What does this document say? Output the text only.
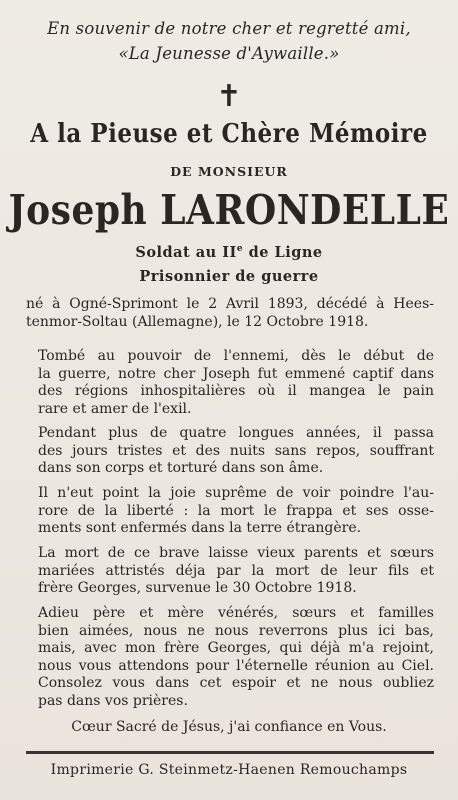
En souvenir de notre cher et regretté ami,
«La Jeunesse d'Aywaille.»
✝
A la Pieuse et Chère Mémoire
DE MONSIEUR
Joseph LARONDELLE
Soldat au IIe de Ligne
Prisonnier de guerre
né à Ogné-Sprimont le 2 Avril 1893, décédé à Hees-
tenmor-Soltau (Allemagne), le 12 Octobre 1918.
Tombé au pouvoir de l'ennemi, dès le début de
la guerre, notre cher Joseph fut emmené captif dans
des régions inhospitalières où il mangea le pain
rare et amer de l'exil.
Pendant plus de quatre longues années, il passa
des jours tristes et des nuits sans repos, souffrant
dans son corps et torturé dans son âme.
Il n'eut point la joie suprême de voir poindre l'au-
rore de la liberté : la mort le frappa et ses osse-
ments sont enfermés dans la terre étrangère.
La mort de ce brave laisse vieux parents et sœurs
mariées attristés déja par la mort de leur fils et
frère Georges, survenue le 30 Octobre 1918.
Adieu père et mère vénérés, sœurs et familles
bien aimées, nous ne nous reverrons plus ici bas,
mais, avec mon frère Georges, qui déjà m'a rejoint,
nous vous attendons pour l'éternelle réunion au Ciel.
Consolez vous dans cet espoir et ne nous oubliez
pas dans vos prières.
Cœur Sacré de Jésus, j'ai confiance en Vous.
Imprimerie G. Steinmetz-Haenen Remouchamps
